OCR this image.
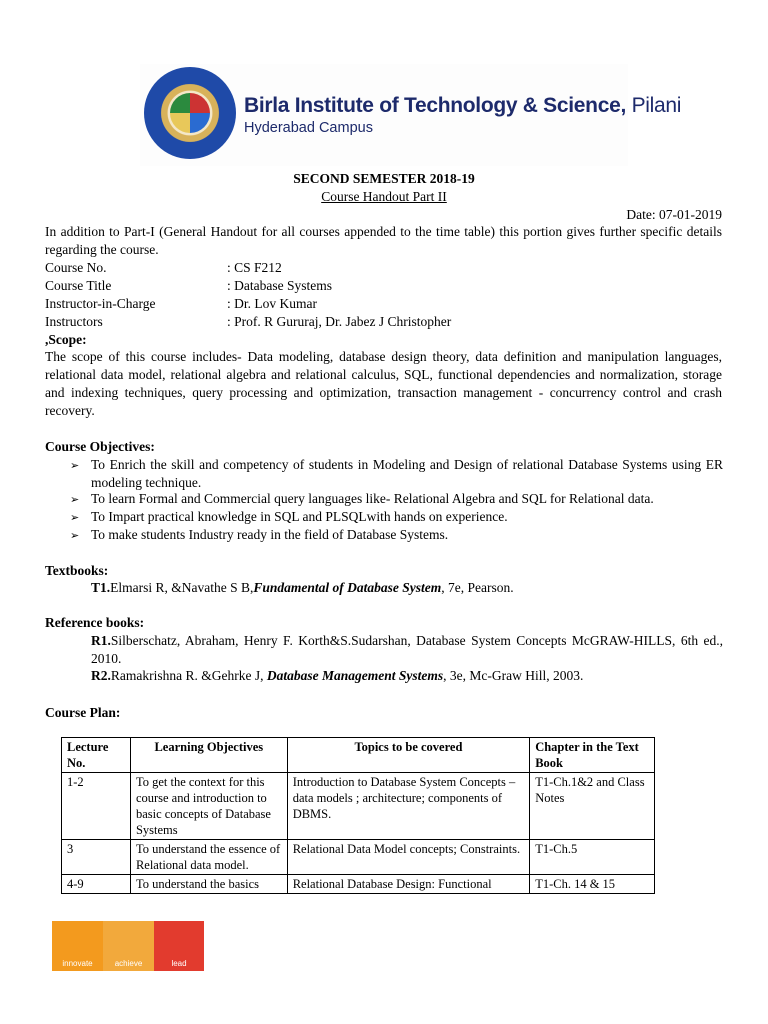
Birla Institute of Technology & Science, Pilani
Hyderabad Campus
SECOND SEMESTER 2018-19
Course Handout Part II
Date: 07-01-2019
In addition to Part-I (General Handout for all courses appended to the time table) this portion gives further specific details regarding the course.
Course No.	: CS F212
Course Title	: Database Systems
Instructor-in-Charge	: Dr. Lov Kumar
Instructors	: Prof. R Gururaj, Dr. Jabez J Christopher
,Scope:
The scope of this course includes- Data modeling, database design theory, data definition and manipulation languages, relational data model, relational algebra and relational calculus, SQL, functional dependencies and normalization, storage and indexing techniques, query processing and optimization, transaction management - concurrency control and crash recovery.
Course Objectives:
➢ To Enrich the skill and competency of students in Modeling and Design of relational Database Systems using ER modeling technique.
➢ To learn Formal and Commercial query languages like- Relational Algebra and SQL for Relational data.
➢ To Impart practical knowledge in SQL and PLSQLwith hands on experience.
➢ To make students Industry ready in the field of Database Systems.
Textbooks:
T1.Elmarsi R, &Navathe S B,Fundamental of Database System, 7e, Pearson.
Reference books:
R1.Silberschatz, Abraham, Henry F. Korth&S.Sudarshan, Database System Concepts McGRAW-HILLS, 6th ed., 2010.
R2.Ramakrishna R. &Gehrke J, Database Management Systems, 3e, Mc-Graw Hill, 2003.
Course Plan:
Lecture No.	Learning Objectives	Topics to be covered	Chapter in the Text Book
1-2	To get the context for this course and introduction to basic concepts of Database Systems	Introduction to Database System Concepts – data models ; architecture; components of DBMS.	T1-Ch.1&2 and Class Notes
3	To understand the essence of Relational data model.	Relational Data Model concepts; Constraints.	T1-Ch.5
4-9	To understand the basics	Relational Database Design: Functional	T1-Ch. 14 & 15
innovate	achieve	lead
